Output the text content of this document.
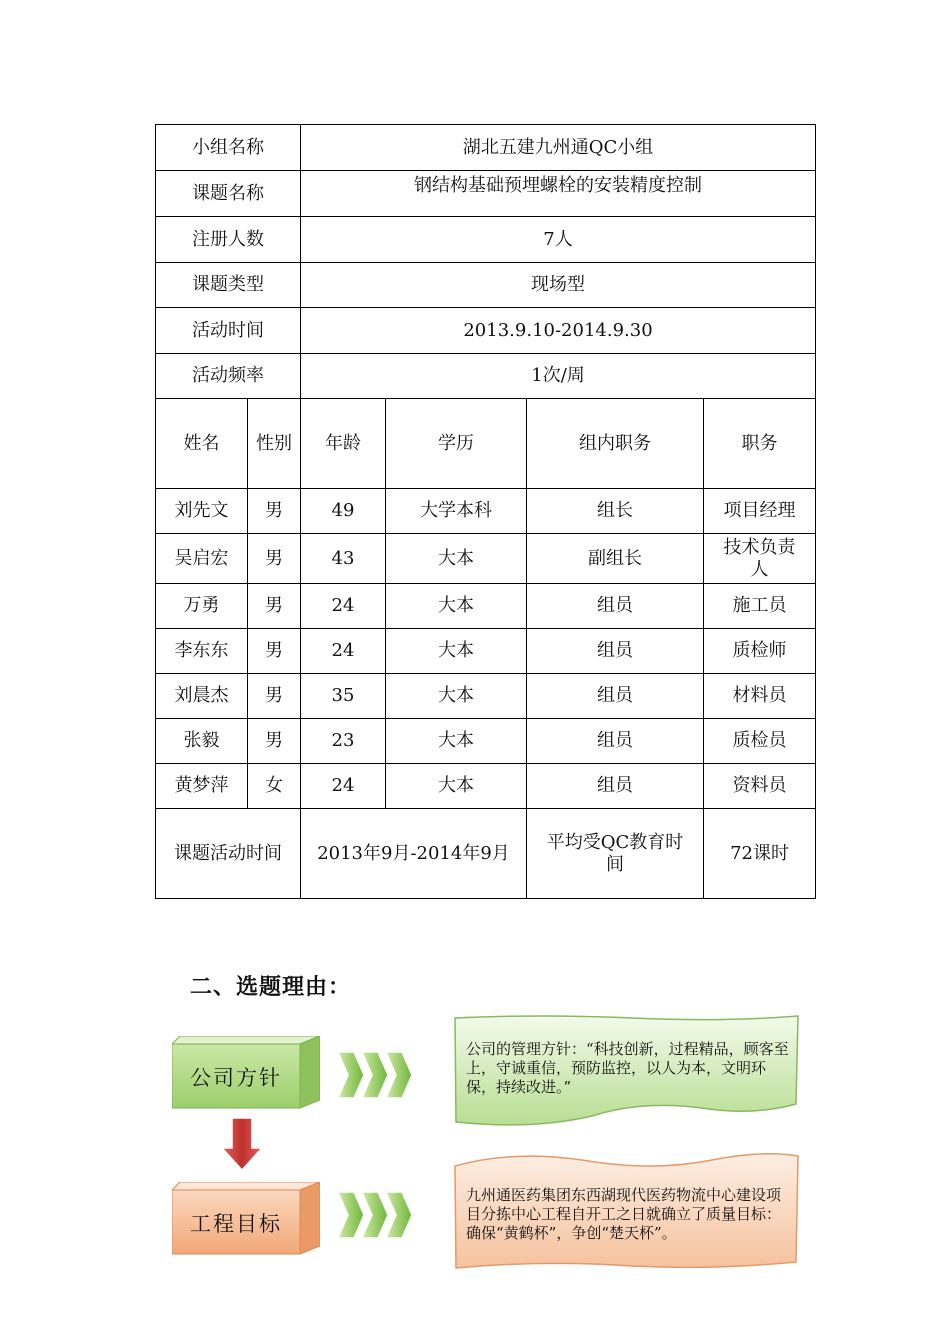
小组名称		湖北五建九州通QC小组			
课题名称		钢结构基础预埋螺栓的安装精度控制			
注册人数		7人			
课题类型		现场型			
活动时间		2013.9.10-2014.9.30			
活动频率		1次/周			
姓名	性别	年龄	学历	组内职务	职务
刘先文	男	49	大学本科	组长	项目经理
吴启宏	男	43	大本	副组长	技术负责人
万勇	男	24	大本	组员	施工员
李东东	男	24	大本	组员	质检师
刘晨杰	男	35	大本	组员	材料员
张毅	男	23	大本	组员	质检员
黄梦萍	女	24	大本	组员	资料员
课题活动时间		2013年9月-2014年9月		平均受QC教育时间	72课时
二、选题理由：
公司方针
公司的管理方针：“科技创新，过程精品，顾客至上，守诚重信，预防监控，以人为本，文明环保，持续改进。”
工程目标
九州通医药集团东西湖现代医药物流中心建设项目分拣中心工程自开工之日就确立了质量目标：确保“黄鹤杯”，争创“楚天杯”。
